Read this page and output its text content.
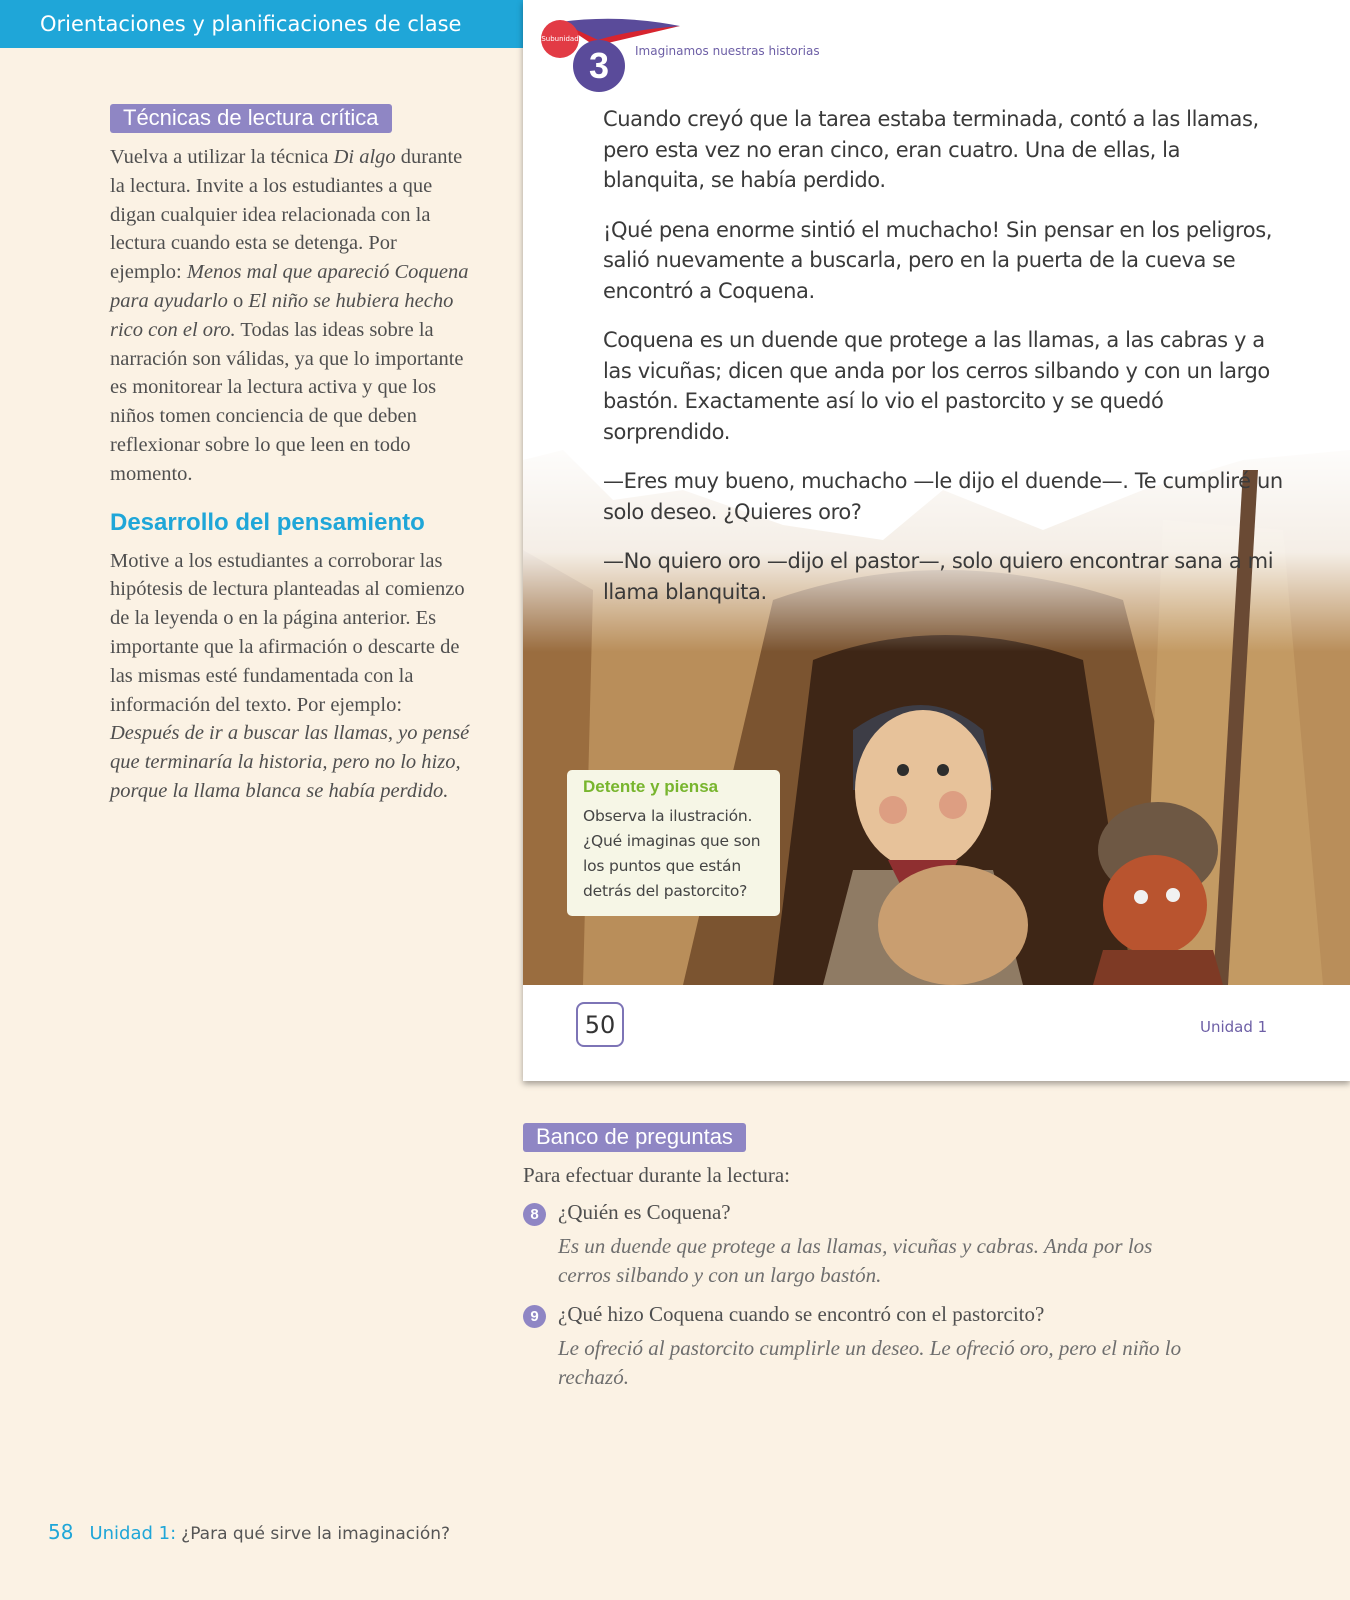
Orientaciones y planificaciones de clase
Técnicas de lectura crítica

Vuelva a utilizar la técnica Di algo durante la lectura. Invite a los estudiantes a que digan cualquier idea relacionada con la lectura cuando esta se detenga. Por ejemplo: Menos mal que apareció Coquena para ayudarlo o El niño se hubiera hecho rico con el oro. Todas las ideas sobre la narración son válidas, ya que lo importante es monitorear la lectura activa y que los niños tomen conciencia de que deben reflexionar sobre lo que leen en todo momento.

Desarrollo del pensamiento

Motive a los estudiantes a corroborar las hipótesis de lectura planteadas al comienzo de la leyenda o en la página anterior. Es importante que la afirmación o descarte de las mismas esté fundamentada con la información del texto. Por ejemplo: Después de ir a buscar las llamas, yo pensé que terminaría la historia, pero no lo hizo, porque la llama blanca se había perdido.

Subunidad
3 Imaginamos nuestras historias

Cuando creyó que la tarea estaba terminada, contó a las llamas, pero esta vez no eran cinco, eran cuatro. Una de ellas, la blanquita, se había perdido.

¡Qué pena enorme sintió el muchacho! Sin pensar en los peligros, salió nuevamente a buscarla, pero en la puerta de la cueva se encontró a Coquena.

Coquena es un duende que protege a las llamas, a las cabras y a las vicuñas; dicen que anda por los cerros silbando y con un largo bastón. Exactamente así lo vio el pastorcito y se quedó sorprendido.

—Eres muy bueno, muchacho —le dijo el duende—. Te cumpliré un solo deseo. ¿Quieres oro?

—No quiero oro —dijo el pastor—, solo quiero encontrar sana a mi llama blanquita.

Detente y piensa
Observa la ilustración. ¿Qué imaginas que son los puntos que están detrás del pastorcito?
50	Unidad 1
Banco de preguntas

Para efectuar durante la lectura:

8 ¿Quién es Coquena?
Es un duende que protege a las llamas, vicuñas y cabras. Anda por los cerros silbando y con un largo bastón.
9 ¿Qué hizo Coquena cuando se encontró con el pastorcito?
Le ofreció al pastorcito cumplirle un deseo. Le ofreció oro, pero el niño lo rechazó.
58 Unidad 1: ¿Para qué sirve la imaginación?
